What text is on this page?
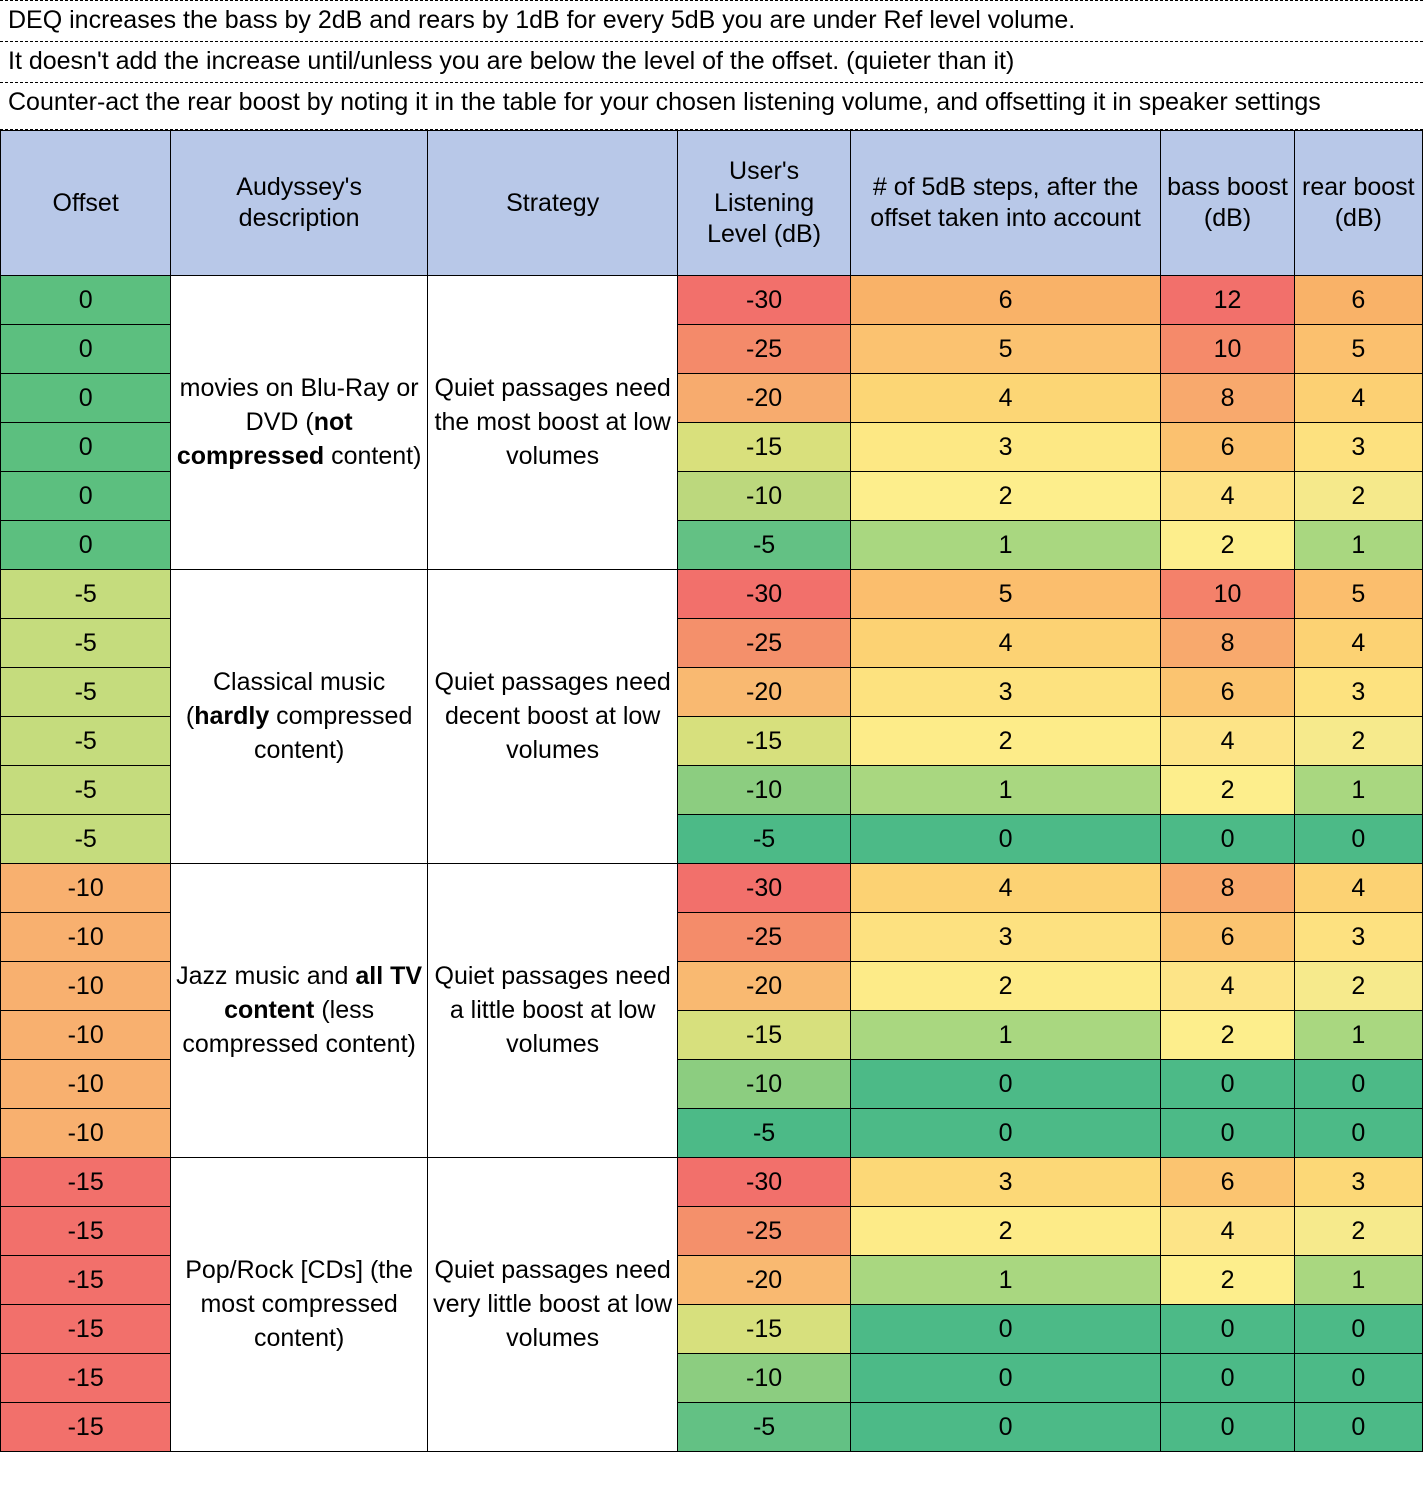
DEQ increases the bass by 2dB and rears by 1dB for every 5dB you are under Ref level volume.
It doesn't add the increase until/unless you are below the level of the offset. (quieter than it)
Counter-act the rear boost by noting it in the table for your chosen listening volume, and offsetting it in speaker settings
Offset	Audyssey's description	Strategy	User's Listening Level (dB)	# of 5dB steps, after the offset taken into account	bass boost (dB)	rear boost (dB)
0	movies on Blu-Ray or DVD (not compressed content)	Quiet passages need the most boost at low volumes	-30	6	12	6
0			-25	5	10	5
0			-20	4	8	4
0			-15	3	6	3
0			-10	2	4	2
0			-5	1	2	1
-5	Classical music (hardly compressed content)	Quiet passages need decent boost at low volumes	-30	5	10	5
-5			-25	4	8	4
-5			-20	3	6	3
-5			-15	2	4	2
-5			-10	1	2	1
-5			-5	0	0	0
-10	Jazz music and all TV content (less compressed content)	Quiet passages need a little boost at low volumes	-30	4	8	4
-10			-25	3	6	3
-10			-20	2	4	2
-10			-15	1	2	1
-10			-10	0	0	0
-10			-5	0	0	0
-15	Pop/Rock [CDs] (the most compressed content)	Quiet passages need very little boost at low volumes	-30	3	6	3
-15			-25	2	4	2
-15			-20	1	2	1
-15			-15	0	0	0
-15			-10	0	0	0
-15			-5	0	0	0
